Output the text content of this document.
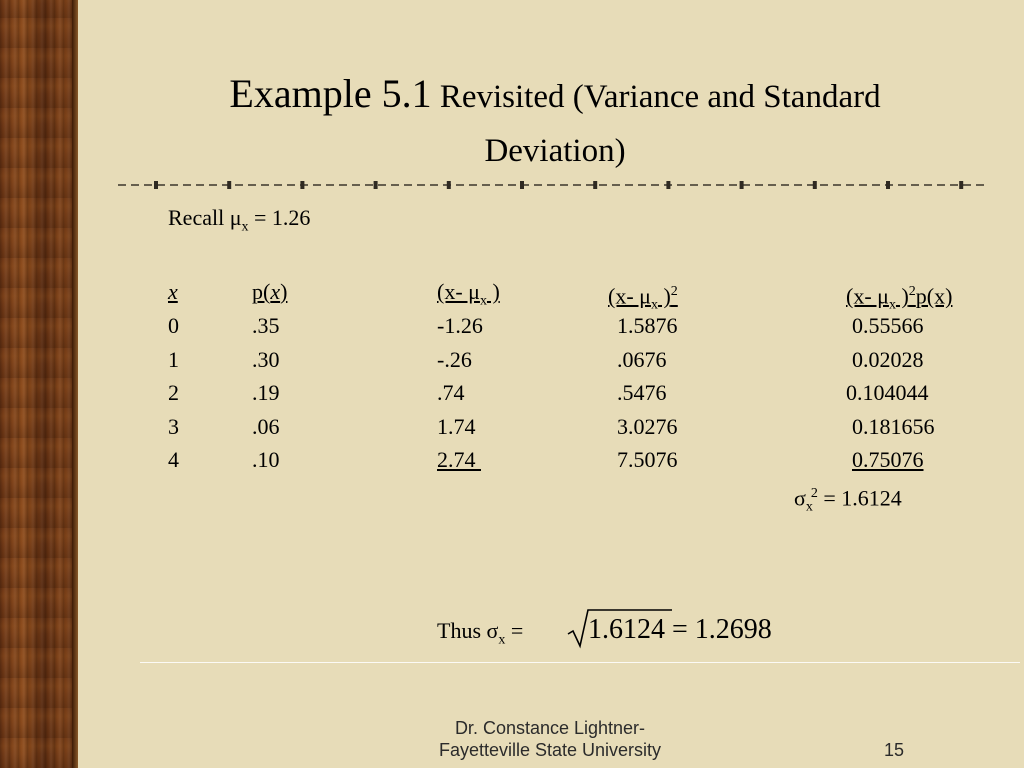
Example 5.1 Revisited (Variance and Standard
Deviation)
Recall $\mu_x = 1.26$
x	p(x)	(x- $\mu_x$ )	(x- $\mu_x$ )$^2$	(x- $\mu_x$ )$^2$p(x)
0	.35	-1.26	1.5876	0.55566
1	.30	-.26	.0676	0.02028
2	.19	.74	.5476	0.104044
3	.06	1.74	3.0276	0.181656
4	.10	2.74	7.5076	0.75076
$\sigma_x^2 = 1.6124$
Thus $\sigma_x = 1.6124 = 1.2698$
Dr. Constance Lightner-
Fayetteville State University	15
